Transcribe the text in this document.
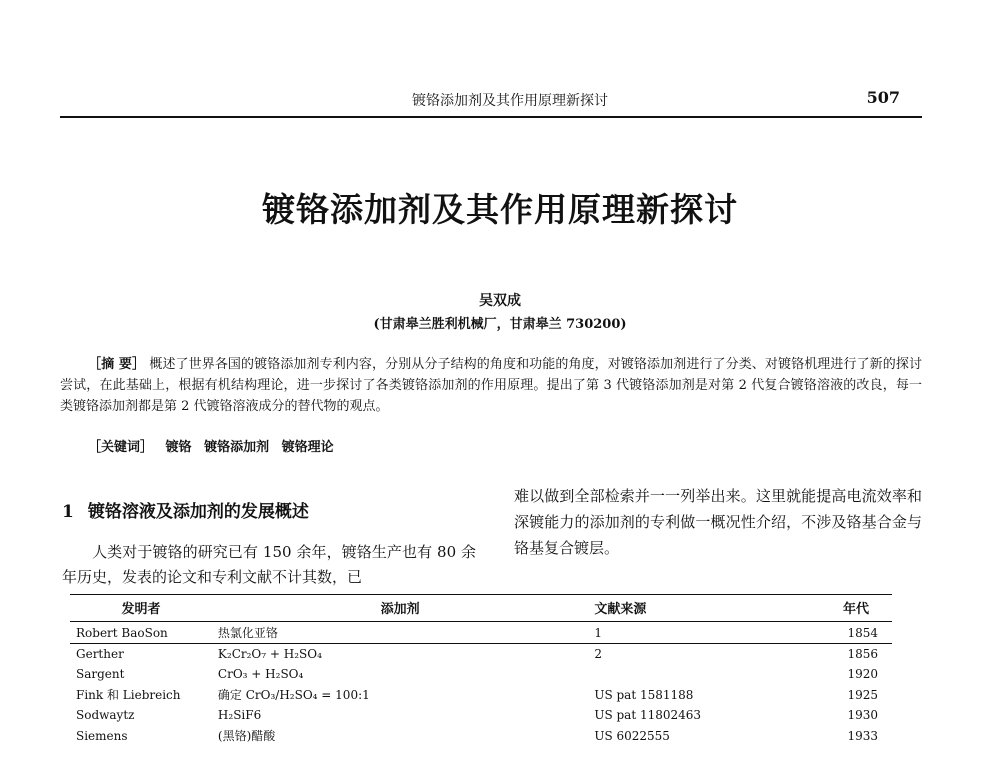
镀铬添加剂及其作用原理新探讨	507
镀铬添加剂及其作用原理新探讨
吴双成
(甘肃皋兰胜利机械厂，甘肃皋兰 730200)
［摘 要］ 概述了世界各国的镀铬添加剂专利内容，分别从分子结构的角度和功能的角度，对镀铬添加剂进行了分类、对镀铬机理进行了新的探讨尝试，在此基础上，根据有机结构理论，进一步探讨了各类镀铬添加剂的作用原理。提出了第 3 代镀铬添加剂是对第 2 代复合镀铬溶液的改良，每一类镀铬添加剂都是第 2 代镀铬溶液成分的替代物的观点。
［关键词］ 镀铬 镀铬添加剂 镀铬理论
1 镀铬溶液及添加剂的发展概述
人类对于镀铬的研究已有 150 余年，镀铬生产也有 80 余年历史，发表的论文和专利文献不计其数，已
难以做到全部检索并一一列举出来。这里就能提高电流效率和深镀能力的添加剂的专利做一概况性介绍，不涉及铬基合金与铬基复合镀层。
发明者	添加剂	文献来源	年代
Robert BaoSon	热氯化亚铬	1	1854
Gerther	K₂Cr₂O₇ + H₂SO₄	2	1856
Sargent	CrO₃ + H₂SO₄		1920
Fink 和 Liebreich	确定 CrO₃/H₂SO₄ = 100:1	US pat 1581188	1925
Sodwaytz	H₂SiF6	US pat 11802463	1930
Siemens	(黑铬)醋酸	US 6022555	1933
